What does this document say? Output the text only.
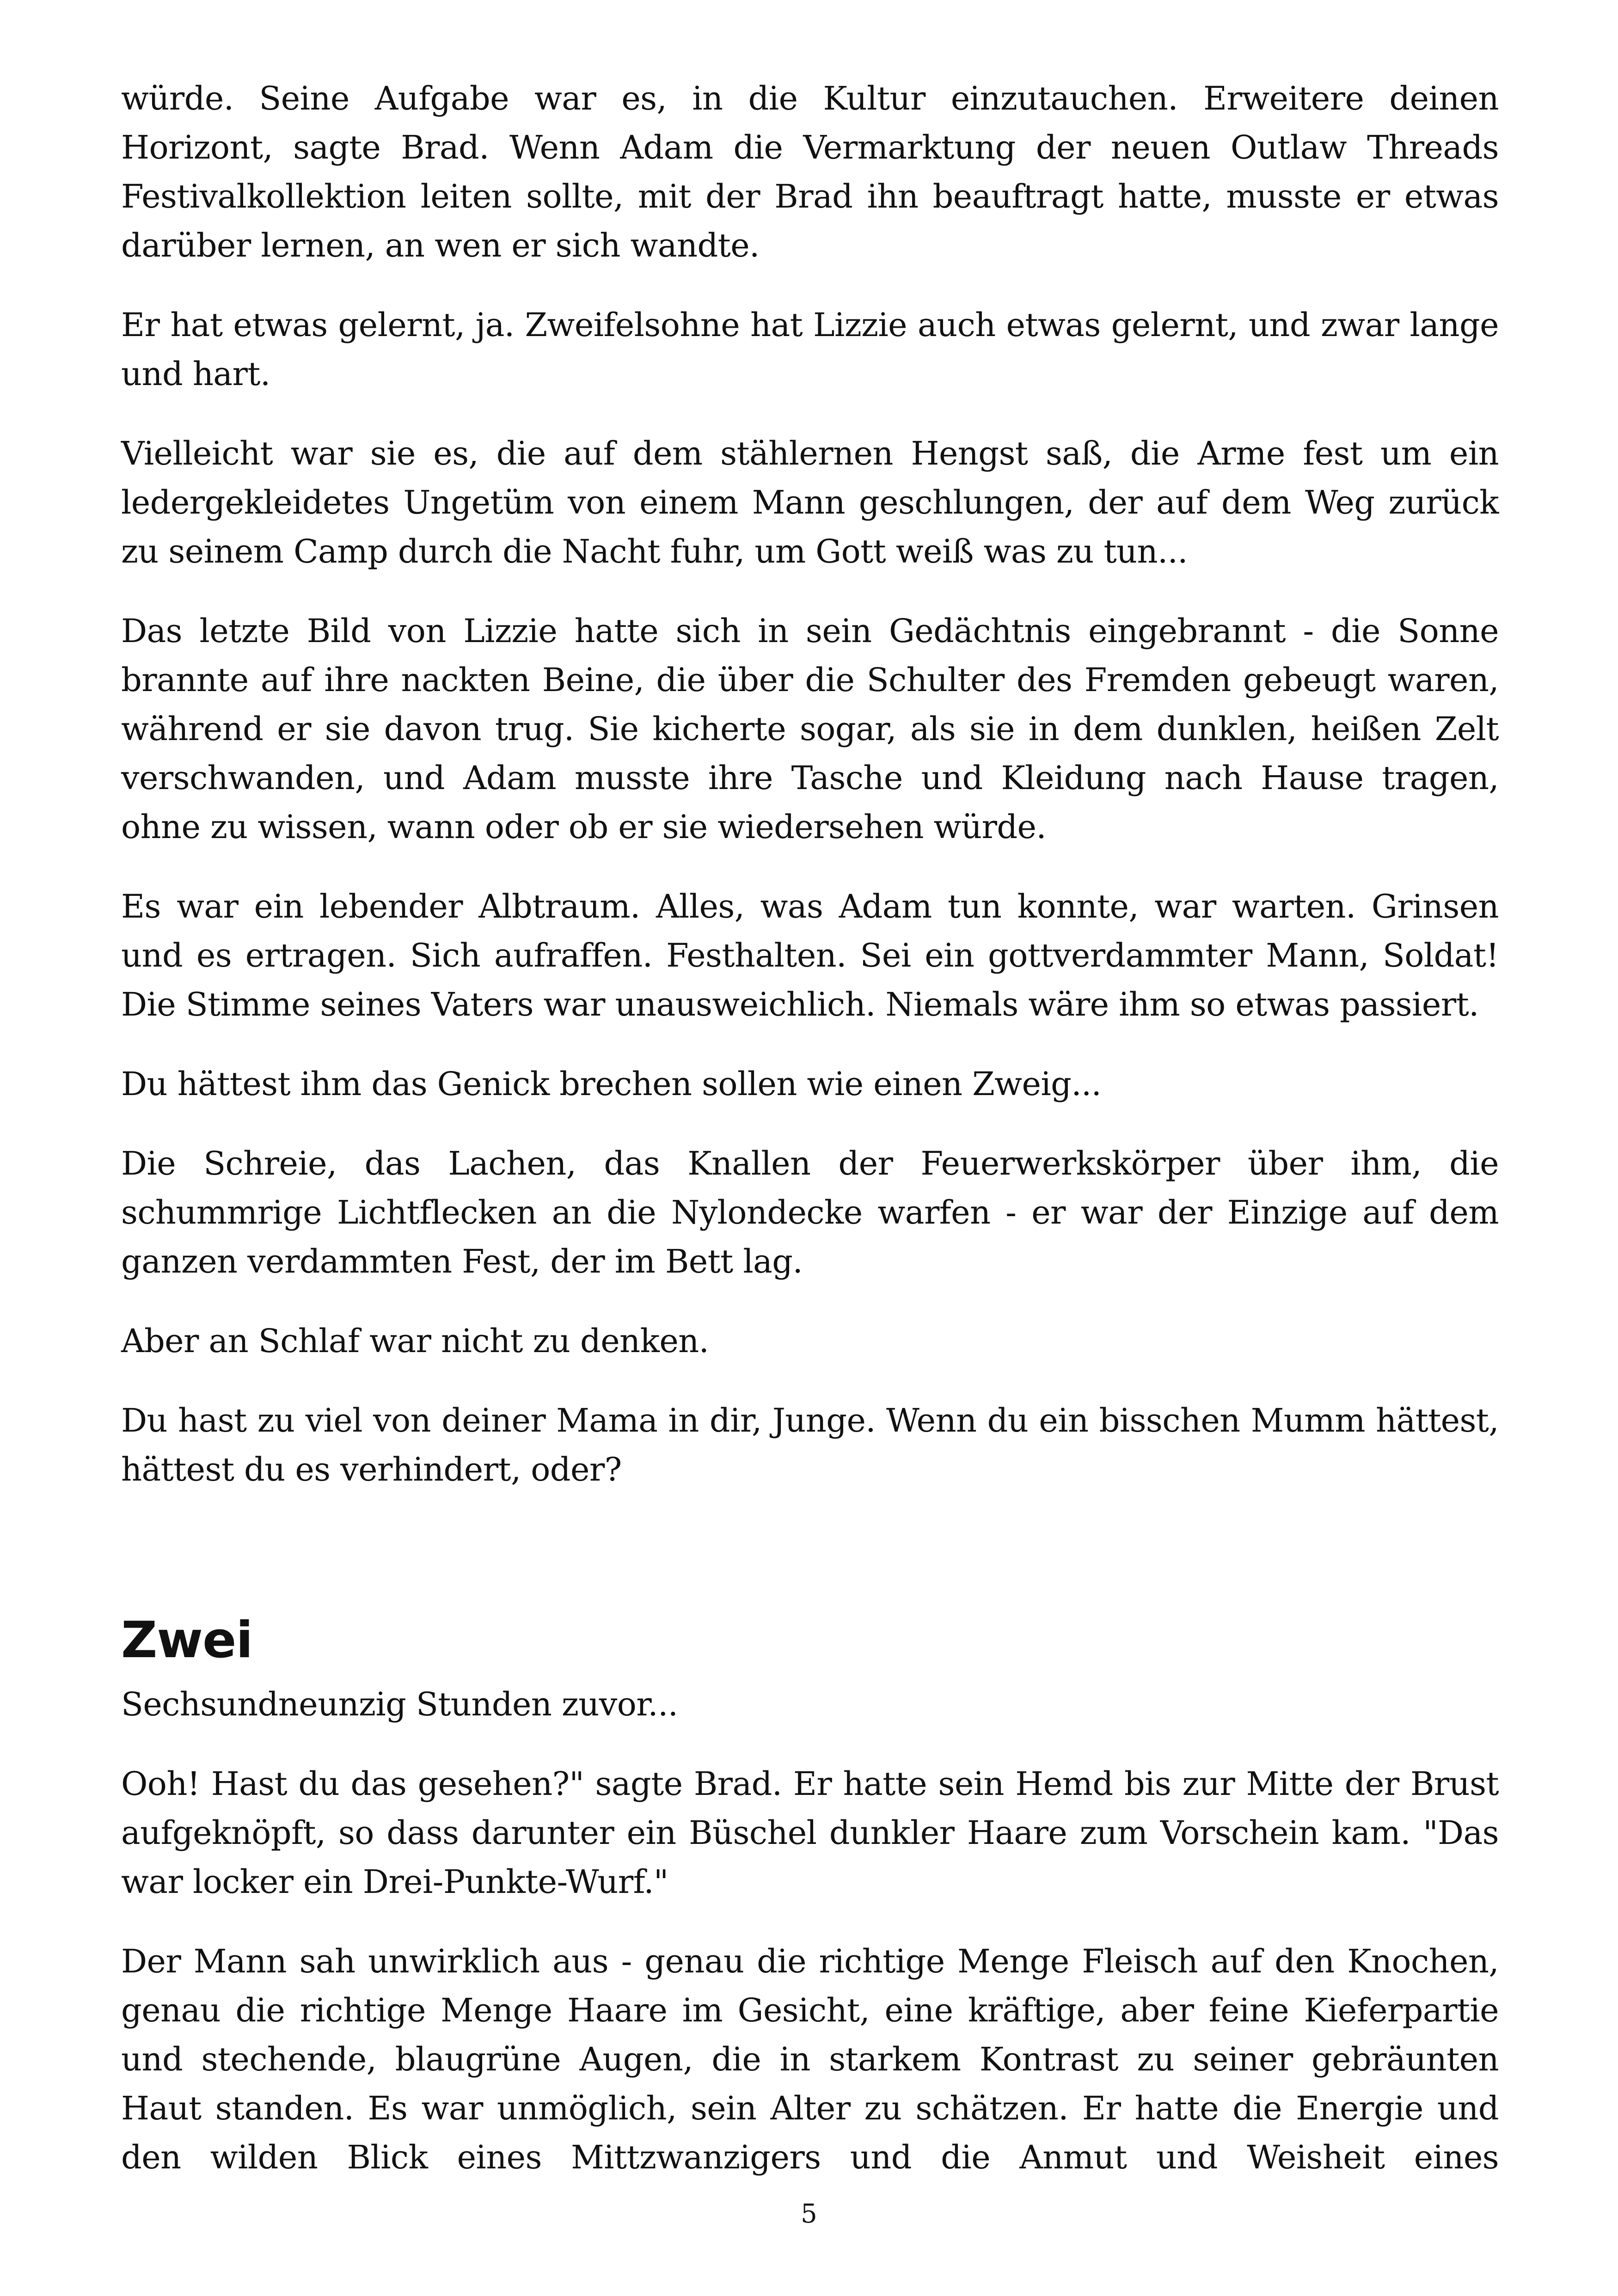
würde. Seine Aufgabe war es, in die Kultur einzutauchen. Erweitere deinen Horizont, sagte Brad. Wenn Adam die Vermarktung der neuen Outlaw Threads Festivalkollektion leiten sollte, mit der Brad ihn beauftragt hatte, musste er etwas darüber lernen, an wen er sich wandte.

Er hat etwas gelernt, ja. Zweifelsohne hat Lizzie auch etwas gelernt, und zwar lange und hart.

Vielleicht war sie es, die auf dem stählernen Hengst saß, die Arme fest um ein ledergekleidetes Ungetüm von einem Mann geschlungen, der auf dem Weg zurück zu seinem Camp durch die Nacht fuhr, um Gott weiß was zu tun...

Das letzte Bild von Lizzie hatte sich in sein Gedächtnis eingebrannt - die Sonne brannte auf ihre nackten Beine, die über die Schulter des Fremden gebeugt waren, während er sie davon trug. Sie kicherte sogar, als sie in dem dunklen, heißen Zelt verschwanden, und Adam musste ihre Tasche und Kleidung nach Hause tragen, ohne zu wissen, wann oder ob er sie wiedersehen würde.

Es war ein lebender Albtraum. Alles, was Adam tun konnte, war warten. Grinsen und es ertragen. Sich aufraffen. Festhalten. Sei ein gottverdammter Mann, Soldat! Die Stimme seines Vaters war unausweichlich. Niemals wäre ihm so etwas passiert.

Du hättest ihm das Genick brechen sollen wie einen Zweig...

Die Schreie, das Lachen, das Knallen der Feuerwerkskörper über ihm, die schummrige Lichtflecken an die Nylondecke warfen - er war der Einzige auf dem ganzen verdammten Fest, der im Bett lag.

Aber an Schlaf war nicht zu denken.

Du hast zu viel von deiner Mama in dir, Junge. Wenn du ein bisschen Mumm hättest, hättest du es verhindert, oder?

Zwei

Sechsundneunzig Stunden zuvor...

Ooh! Hast du das gesehen?" sagte Brad. Er hatte sein Hemd bis zur Mitte der Brust aufgeknöpft, so dass darunter ein Büschel dunkler Haare zum Vorschein kam. "Das war locker ein Drei-Punkte-Wurf."

Der Mann sah unwirklich aus - genau die richtige Menge Fleisch auf den Knochen, genau die richtige Menge Haare im Gesicht, eine kräftige, aber feine Kieferpartie und stechende, blaugrüne Augen, die in starkem Kontrast zu seiner gebräunten Haut standen. Es war unmöglich, sein Alter zu schätzen. Er hatte die Energie und den wilden Blick eines Mittzwanzigers und die Anmut und Weisheit eines

5
